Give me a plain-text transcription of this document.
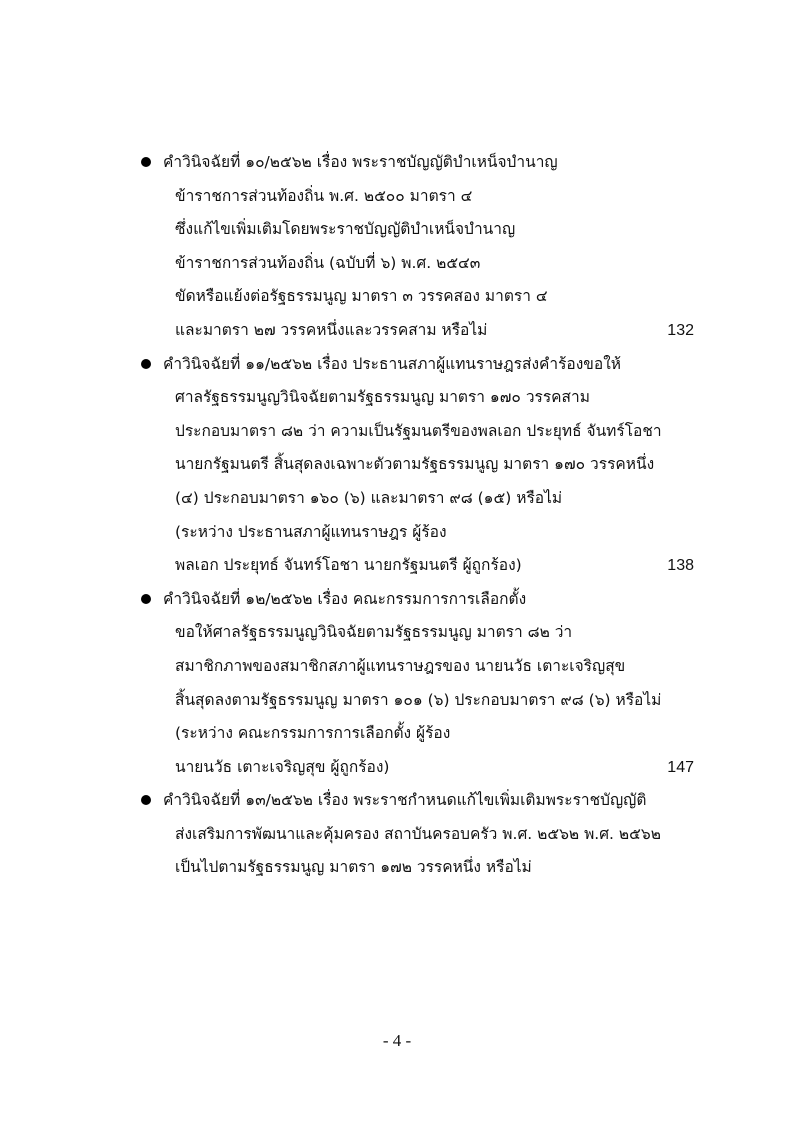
คำวินิจฉัยที่ ๑๐/๒๕๖๒ เรื่อง พระราชบัญญัติบำเหน็จบำนาญ
ข้าราชการส่วนท้องถิ่น พ.ศ. ๒๕๐๐ มาตรา ๔
ซึ่งแก้ไขเพิ่มเติมโดยพระราชบัญญัติบำเหน็จบำนาญ
ข้าราชการส่วนท้องถิ่น (ฉบับที่ ๖) พ.ศ. ๒๕๔๓
ขัดหรือแย้งต่อรัฐธรรมนูญ มาตรา ๓ วรรคสอง มาตรา ๔
และมาตรา ๒๗ วรรคหนึ่งและวรรคสาม หรือไม่	132
คำวินิจฉัยที่ ๑๑/๒๕๖๒ เรื่อง ประธานสภาผู้แทนราษฎรส่งคำร้องขอให้
ศาลรัฐธรรมนูญวินิจฉัยตามรัฐธรรมนูญ มาตรา ๑๗๐ วรรคสาม
ประกอบมาตรา ๘๒ ว่า ความเป็นรัฐมนตรีของพลเอก ประยุทธ์ จันทร์โอชา
นายกรัฐมนตรี สิ้นสุดลงเฉพาะตัวตามรัฐธรรมนูญ มาตรา ๑๗๐ วรรคหนึ่ง
(๔) ประกอบมาตรา ๑๖๐ (๖) และมาตรา ๙๘ (๑๕) หรือไม่
(ระหว่าง ประธานสภาผู้แทนราษฎร ผู้ร้อง
พลเอก ประยุทธ์ จันทร์โอชา นายกรัฐมนตรี ผู้ถูกร้อง)	138
คำวินิจฉัยที่ ๑๒/๒๕๖๒ เรื่อง คณะกรรมการการเลือกตั้ง
ขอให้ศาลรัฐธรรมนูญวินิจฉัยตามรัฐธรรมนูญ มาตรา ๘๒ ว่า
สมาชิกภาพของสมาชิกสภาผู้แทนราษฎรของ นายนวัธ เตาะเจริญสุข
สิ้นสุดลงตามรัฐธรรมนูญ มาตรา ๑๐๑ (๖) ประกอบมาตรา ๙๘ (๖) หรือไม่
(ระหว่าง คณะกรรมการการเลือกตั้ง ผู้ร้อง
นายนวัธ เตาะเจริญสุข ผู้ถูกร้อง)	147
คำวินิจฉัยที่ ๑๓/๒๕๖๒ เรื่อง พระราชกำหนดแก้ไขเพิ่มเติมพระราชบัญญัติ
ส่งเสริมการพัฒนาและคุ้มครอง สถาบันครอบครัว พ.ศ. ๒๕๖๒ พ.ศ. ๒๕๖๒
เป็นไปตามรัฐธรรมนูญ มาตรา ๑๗๒ วรรคหนึ่ง หรือไม่
- 4 -
